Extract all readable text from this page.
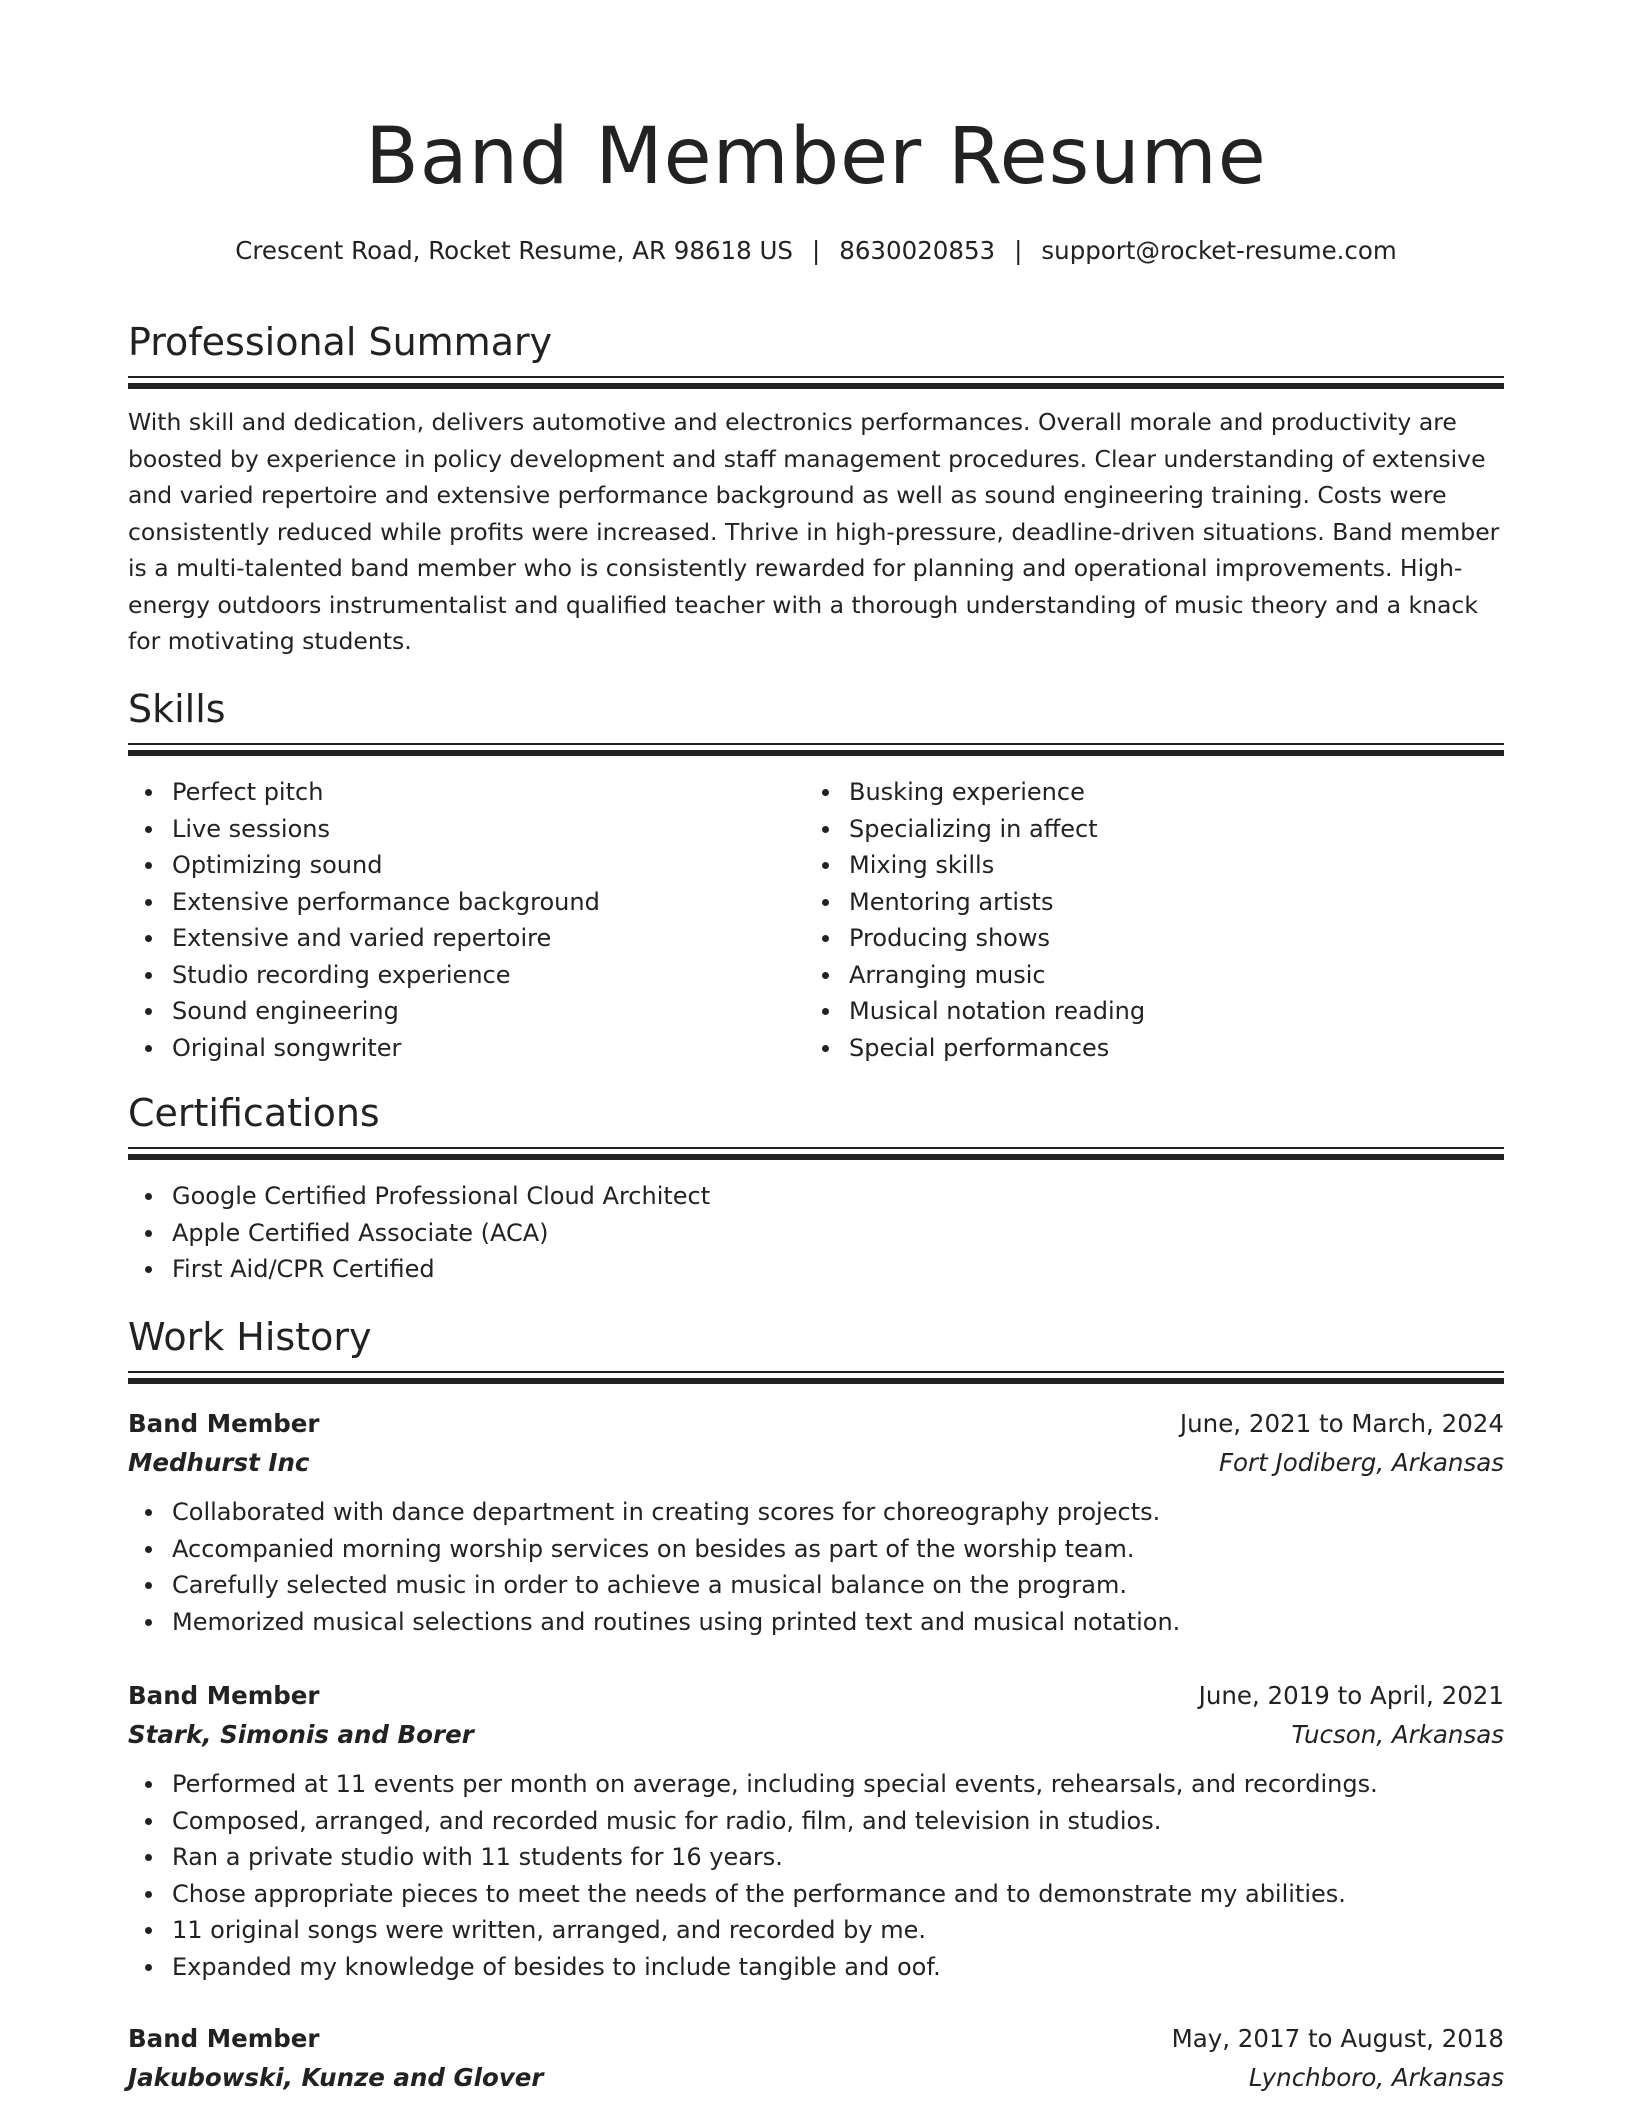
Band Member Resume
Crescent Road, Rocket Resume, AR 98618 US | 8630020853 | support@rocket-resume.com
Professional Summary

With skill and dedication, delivers automotive and electronics performances. Overall morale and productivity are boosted by experience in policy development and staff management procedures. Clear understanding of extensive and varied repertoire and extensive performance background as well as sound engineering training. Costs were consistently reduced while profits were increased. Thrive in high-pressure, deadline-driven situations. Band member is a multi-talented band member who is consistently rewarded for planning and operational improvements. High-energy outdoors instrumentalist and qualified teacher with a thorough understanding of music theory and a knack for motivating students.

Skills
Perfect pitch
Live sessions
Optimizing sound
Extensive performance background
Extensive and varied repertoire
Studio recording experience
Sound engineering
Original songwriter
Busking experience
Specializing in affect
Mixing skills
Mentoring artists
Producing shows
Arranging music
Musical notation reading
Special performances
Certifications
Google Certified Professional Cloud Architect
Apple Certified Associate (ACA)
First Aid/CPR Certified
Work History
Band Member	June, 2021 to March, 2024
Medhurst Inc	Fort Jodiberg, Arkansas
Collaborated with dance department in creating scores for choreography projects.
Accompanied morning worship services on besides as part of the worship team.
Carefully selected music in order to achieve a musical balance on the program.
Memorized musical selections and routines using printed text and musical notation.
Band Member	June, 2019 to April, 2021
Stark, Simonis and Borer	Tucson, Arkansas
Performed at 11 events per month on average, including special events, rehearsals, and recordings.
Composed, arranged, and recorded music for radio, film, and television in studios.
Ran a private studio with 11 students for 16 years.
Chose appropriate pieces to meet the needs of the performance and to demonstrate my abilities.
11 original songs were written, arranged, and recorded by me.
Expanded my knowledge of besides to include tangible and oof.
Band Member	May, 2017 to August, 2018
Jakubowski, Kunze and Glover	Lynchboro, Arkansas
